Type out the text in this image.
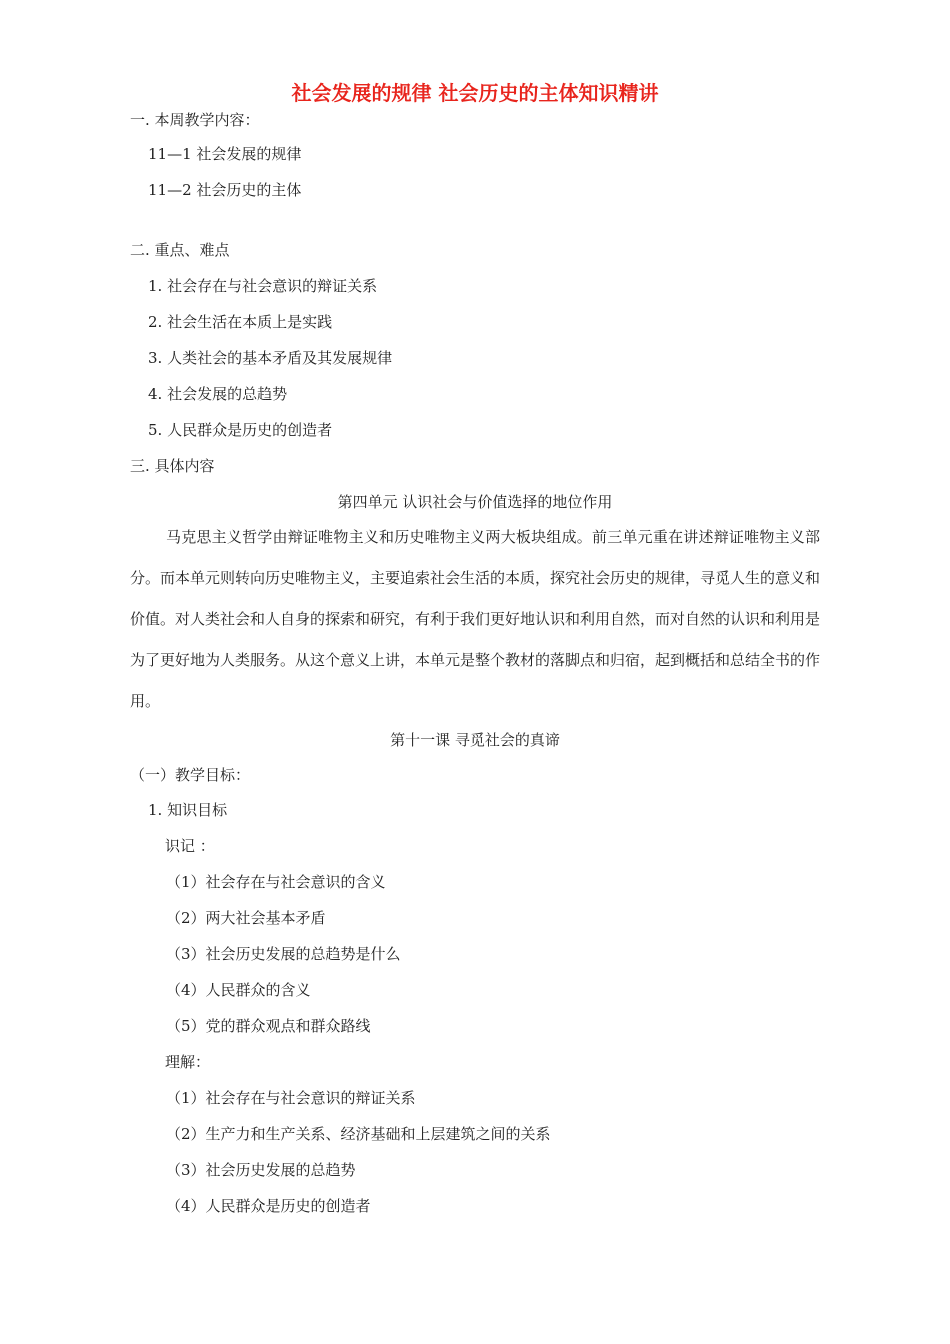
社会发展的规律 社会历史的主体知识精讲
一. 本周教学内容：
11—1 社会发展的规律
11—2 社会历史的主体
二. 重点、难点
1. 社会存在与社会意识的辩证关系
2. 社会生活在本质上是实践
3. 人类社会的基本矛盾及其发展规律
4. 社会发展的总趋势
5. 人民群众是历史的创造者
三. 具体内容
第四单元 认识社会与价值选择的地位作用
马克思主义哲学由辩证唯物主义和历史唯物主义两大板块组成。前三单元重在讲述辩证唯物主义部分。而本单元则转向历史唯物主义，主要追索社会生活的本质，探究社会历史的规律，寻觅人生的意义和价值。对人类社会和人自身的探索和研究，有利于我们更好地认识和利用自然，而对自然的认识和利用是为了更好地为人类服务。从这个意义上讲，本单元是整个教材的落脚点和归宿，起到概括和总结全书的作用。
第十一课 寻觅社会的真谛
（一）教学目标：
1. 知识目标
识记 ：
（1）社会存在与社会意识的含义
（2）两大社会基本矛盾
（3）社会历史发展的总趋势是什么
（4）人民群众的含义
（5）党的群众观点和群众路线
理解：
（1）社会存在与社会意识的辩证关系
（2）生产力和生产关系、经济基础和上层建筑之间的关系
（3）社会历史发展的总趋势
（4）人民群众是历史的创造者
